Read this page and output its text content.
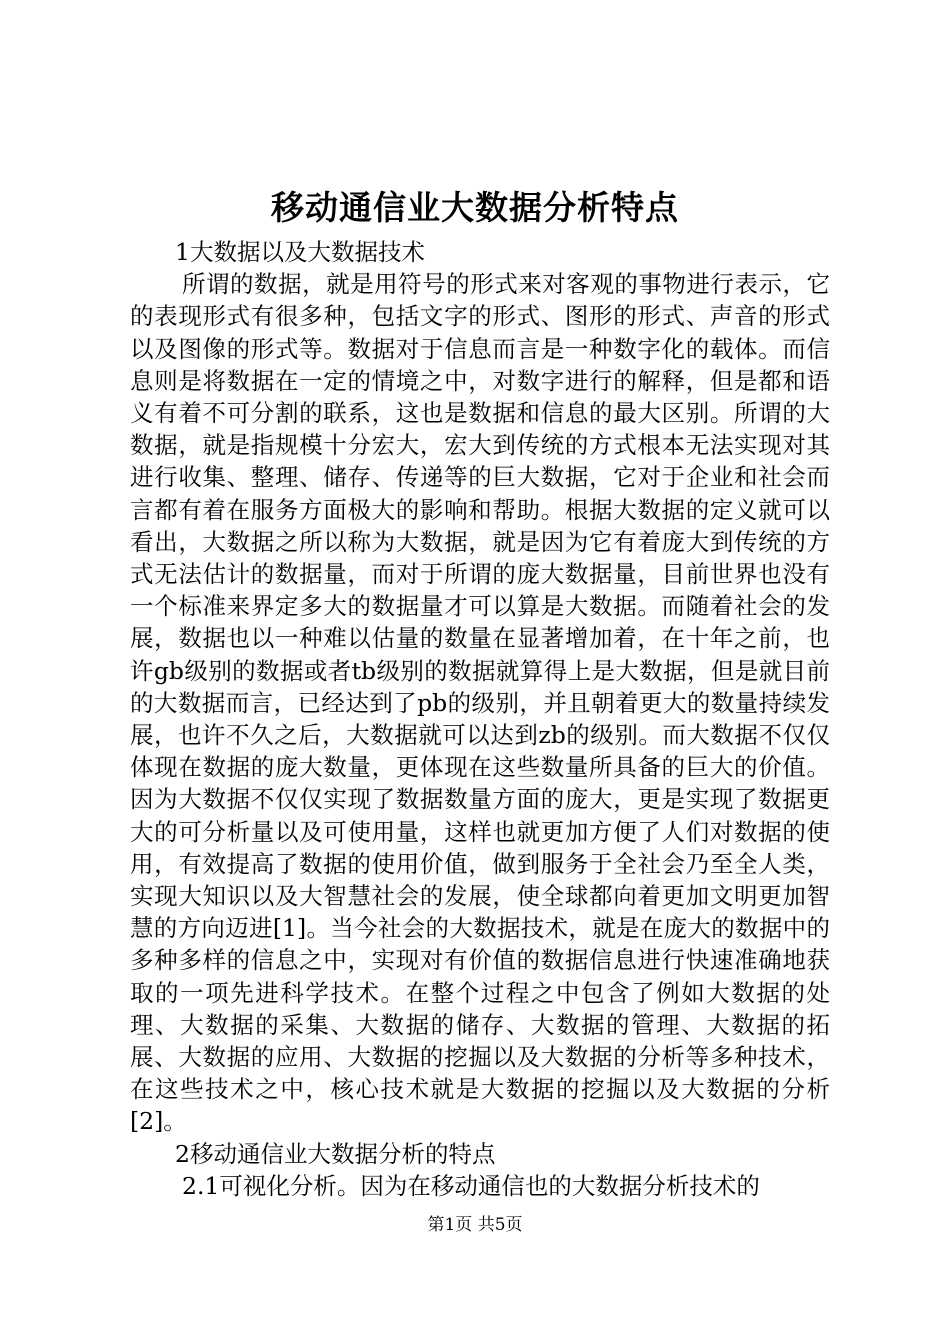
移动通信业大数据分析特点
1大数据以及大数据技术
所谓的数据，就是用符号的形式来对客观的事物进行表示，它的表现形式有很多种，包括文字的形式、图形的形式、声音的形式以及图像的形式等。数据对于信息而言是一种数字化的载体。而信息则是将数据在一定的情境之中，对数字进行的解释，但是都和语义有着不可分割的联系，这也是数据和信息的最大区别。所谓的大数据，就是指规模十分宏大，宏大到传统的方式根本无法实现对其进行收集、整理、储存、传递等的巨大数据，它对于企业和社会而言都有着在服务方面极大的影响和帮助。根据大数据的定义就可以看出，大数据之所以称为大数据，就是因为它有着庞大到传统的方式无法估计的数据量，而对于所谓的庞大数据量，目前世界也没有一个标准来界定多大的数据量才可以算是大数据。而随着社会的发展，数据也以一种难以估量的数量在显著增加着，在十年之前，也许gb级别的数据或者tb级别的数据就算得上是大数据，但是就目前的大数据而言，已经达到了pb的级别，并且朝着更大的数量持续发展，也许不久之后，大数据就可以达到zb的级别。而大数据不仅仅体现在数据的庞大数量，更体现在这些数量所具备的巨大的价值。因为大数据不仅仅实现了数据数量方面的庞大，更是实现了数据更大的可分析量以及可使用量，这样也就更加方便了人们对数据的使用，有效提高了数据的使用价值，做到服务于全社会乃至全人类，实现大知识以及大智慧社会的发展，使全球都向着更加文明更加智慧的方向迈进[1]。当今社会的大数据技术，就是在庞大的数据中的多种多样的信息之中，实现对有价值的数据信息进行快速准确地获取的一项先进科学技术。在整个过程之中包含了例如大数据的处理、大数据的采集、大数据的储存、大数据的管理、大数据的拓展、大数据的应用、大数据的挖掘以及大数据的分析等多种技术，在这些技术之中，核心技术就是大数据的挖掘以及大数据的分析[2]。
2移动通信业大数据分析的特点
2.1可视化分析。因为在移动通信也的大数据分析技术的
第1页 共5页
